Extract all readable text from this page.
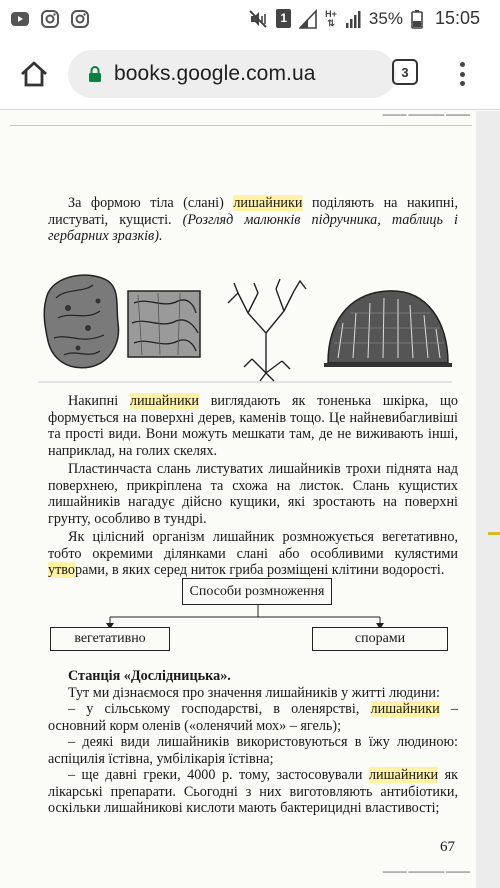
1	H+
⇅ 35% 15:05
books.google.com.ua	3
▬▬▬▬ ▬▬▬▬▬▬ ▬▬▬▬

За формою тіла (слані) лишайники поділяють на накипні, листуваті, кущисті. (Розгляд малюнків підручника, таблиць і гербарних зразків).

Накипні лишайники виглядають як тоненька шкірка, що формується на поверхні дерев, каменів тощо. Це найневибагливіші та прості види. Вони можуть мешкати там, де не виживають інші, наприклад, на голих скелях.

Пластинчаста слань листуватих лишайників трохи піднята над поверхнею, прикріплена та схожа на листок. Слань кущистих лишайників нагадує дійсно кущики, які зростають на поверхні грунту, особливо в тундрі.

Як цілісний організм лишайник розмножується вегетативно, тобто окремими ділянками слані або особливими кулястими утворами, в яких серед ниток гриба розміщені клітини водорості.

Способи розмноження
вегетативно	спорами

Станція «Дослідницька».

Тут ми дізнаємося про значення лишайників у житті людини:

– у сільському господарстві, в оленярстві, лишайники – основний корм оленів («оленячий мох» – ягель);

– деякі види лишайників використовуються в їжу людиною: аспіцилія їстівна, умбілікарія їстівна;

– ще давні греки, 4000 р. тому, застосовували лишайники як лікарські препарати. Сьогодні з них виготовляють антибіотики, оскільки лишайникові кислоти мають бактерицидні властивості;

67
▬▬▬▬ ▬▬▬▬▬▬ ▬▬▬▬
